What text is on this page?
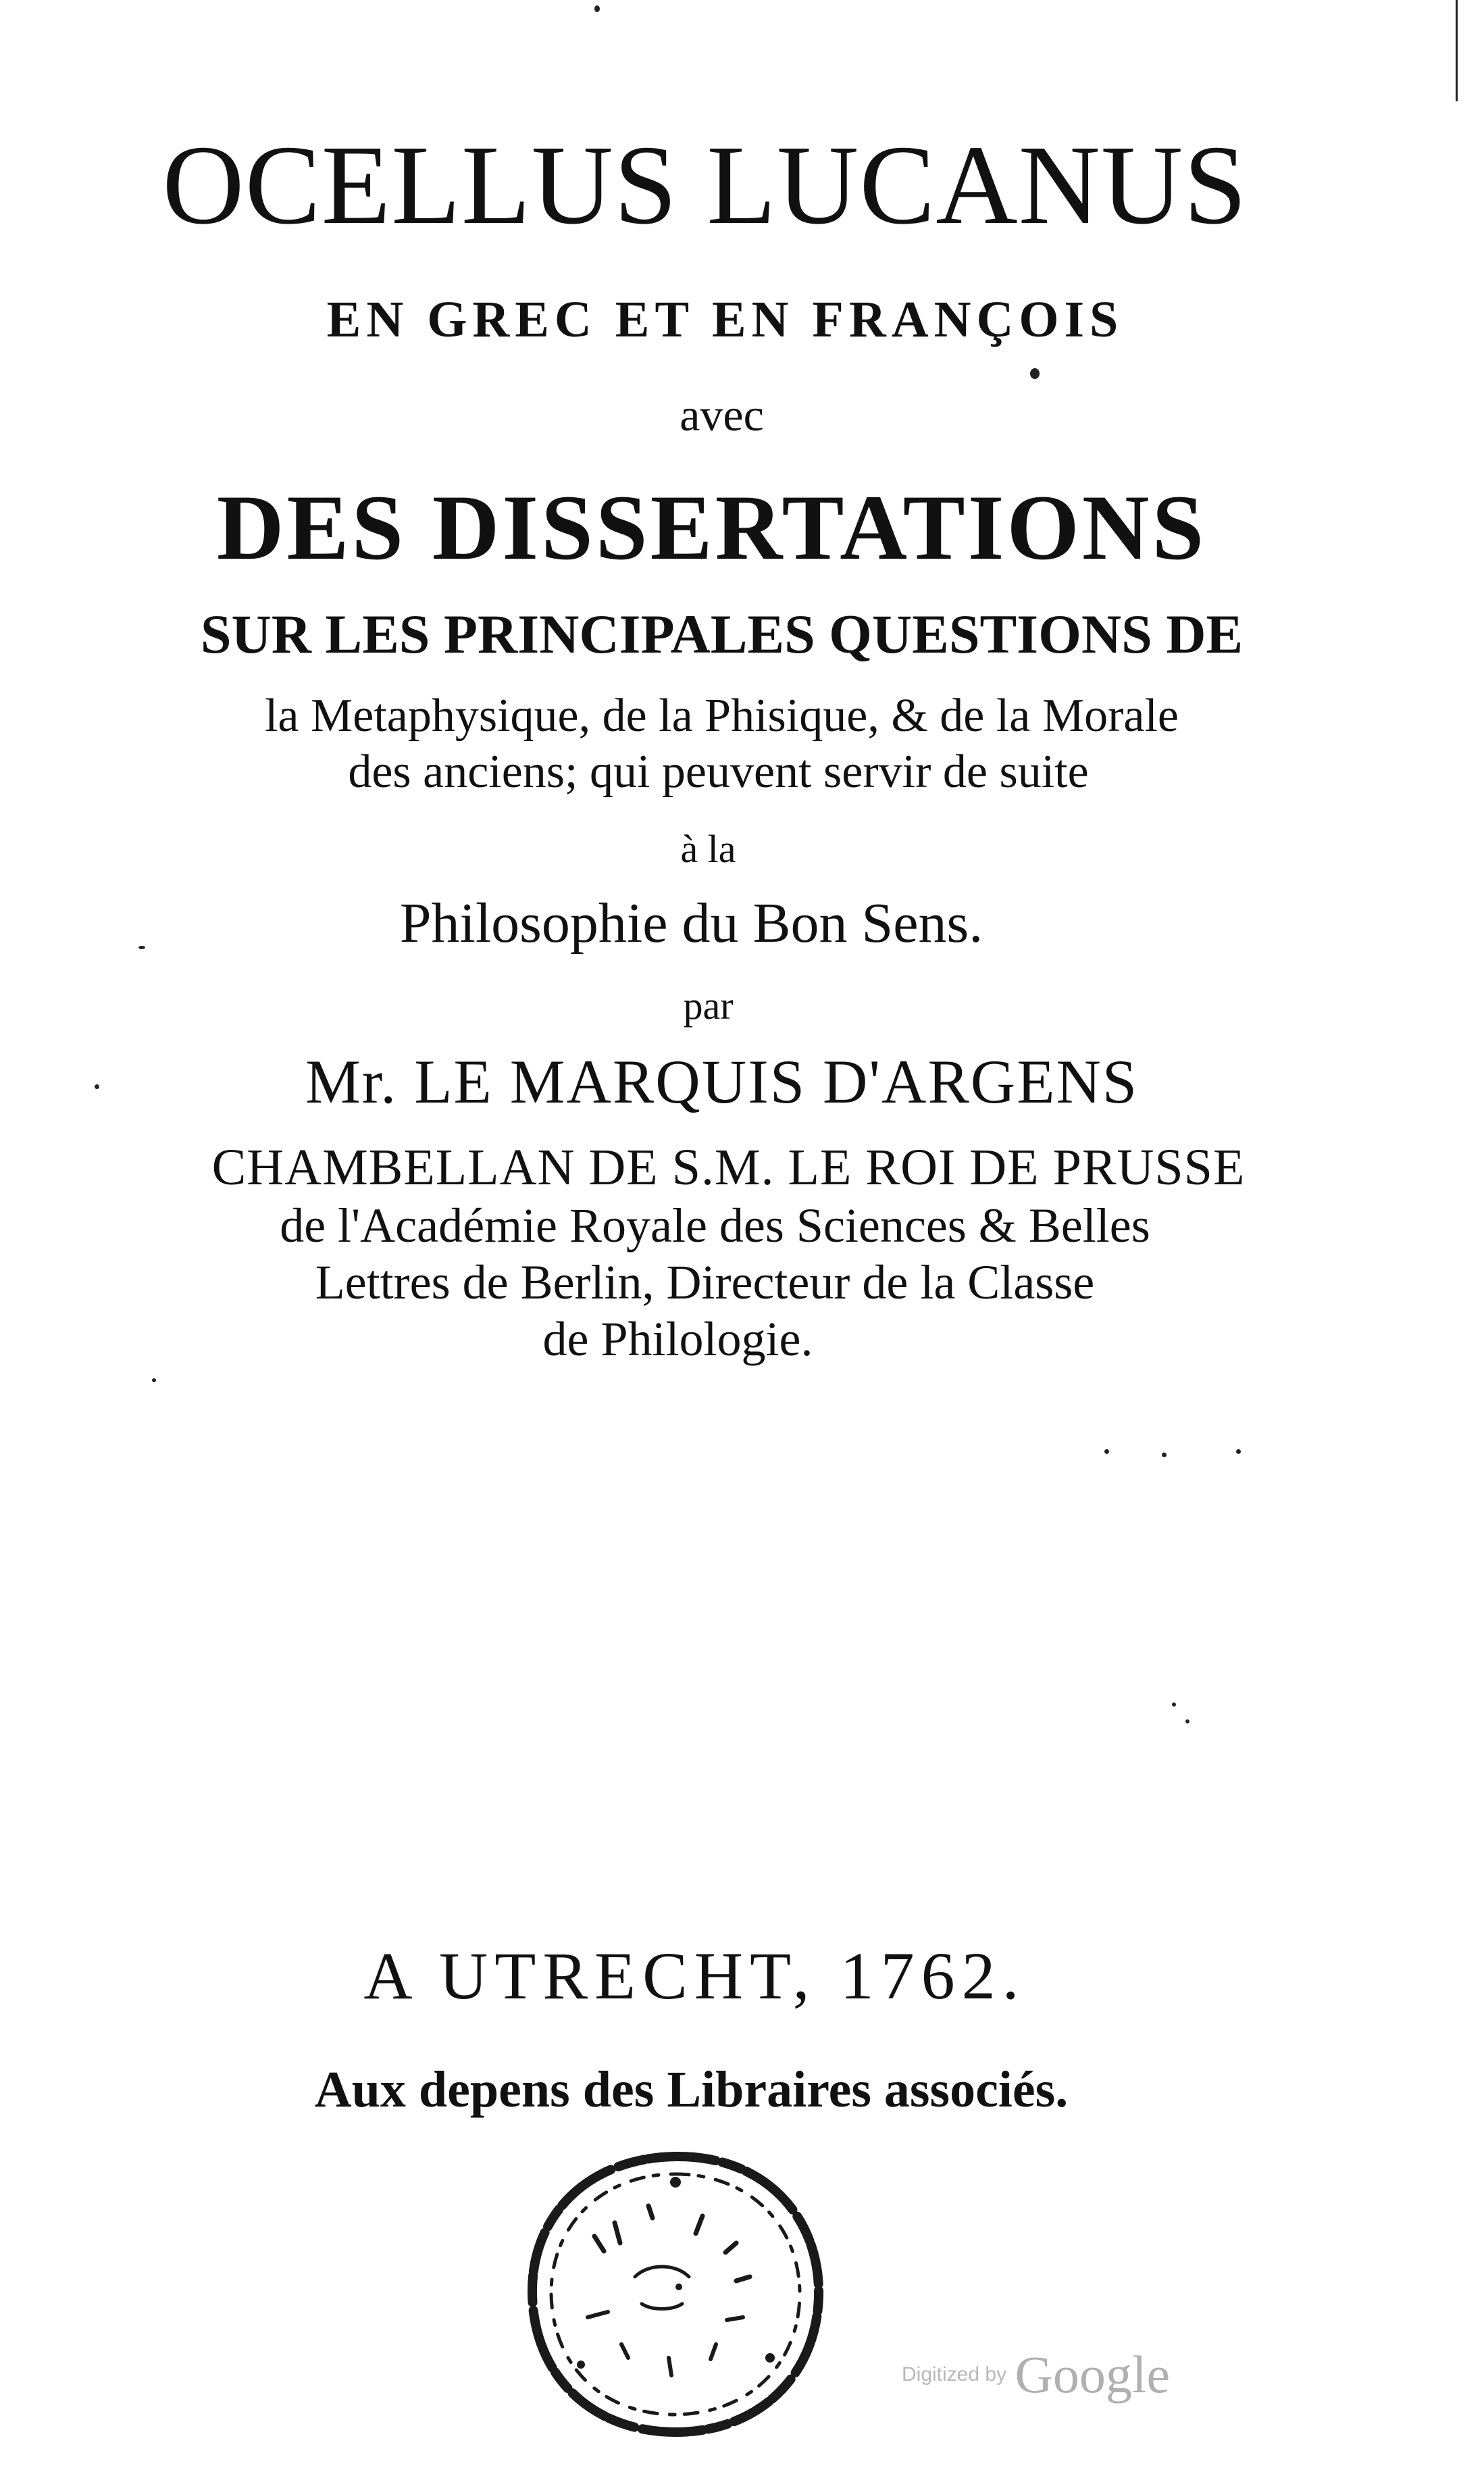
OCELLUS LUCANUS
EN GREC ET EN FRANÇOIS
avec
DES DISSERTATIONS
SUR LES PRINCIPALES QUESTIONS DE
la Metaphysique, de la Phisique, & de la Morale
des anciens; qui peuvent servir de suite
à la
Philosophie du Bon Sens.
par
Mr. LE MARQUIS D'ARGENS
CHAMBELLAN DE S.M. LE ROI DE PRUSSE
de l'Académie Royale des Sciences & Belles
Lettres de Berlin, Directeur de la Classe
de Philologie.
A UTRECHT, 1762.
Aux depens des Libraires associés.
Digitized by Google
